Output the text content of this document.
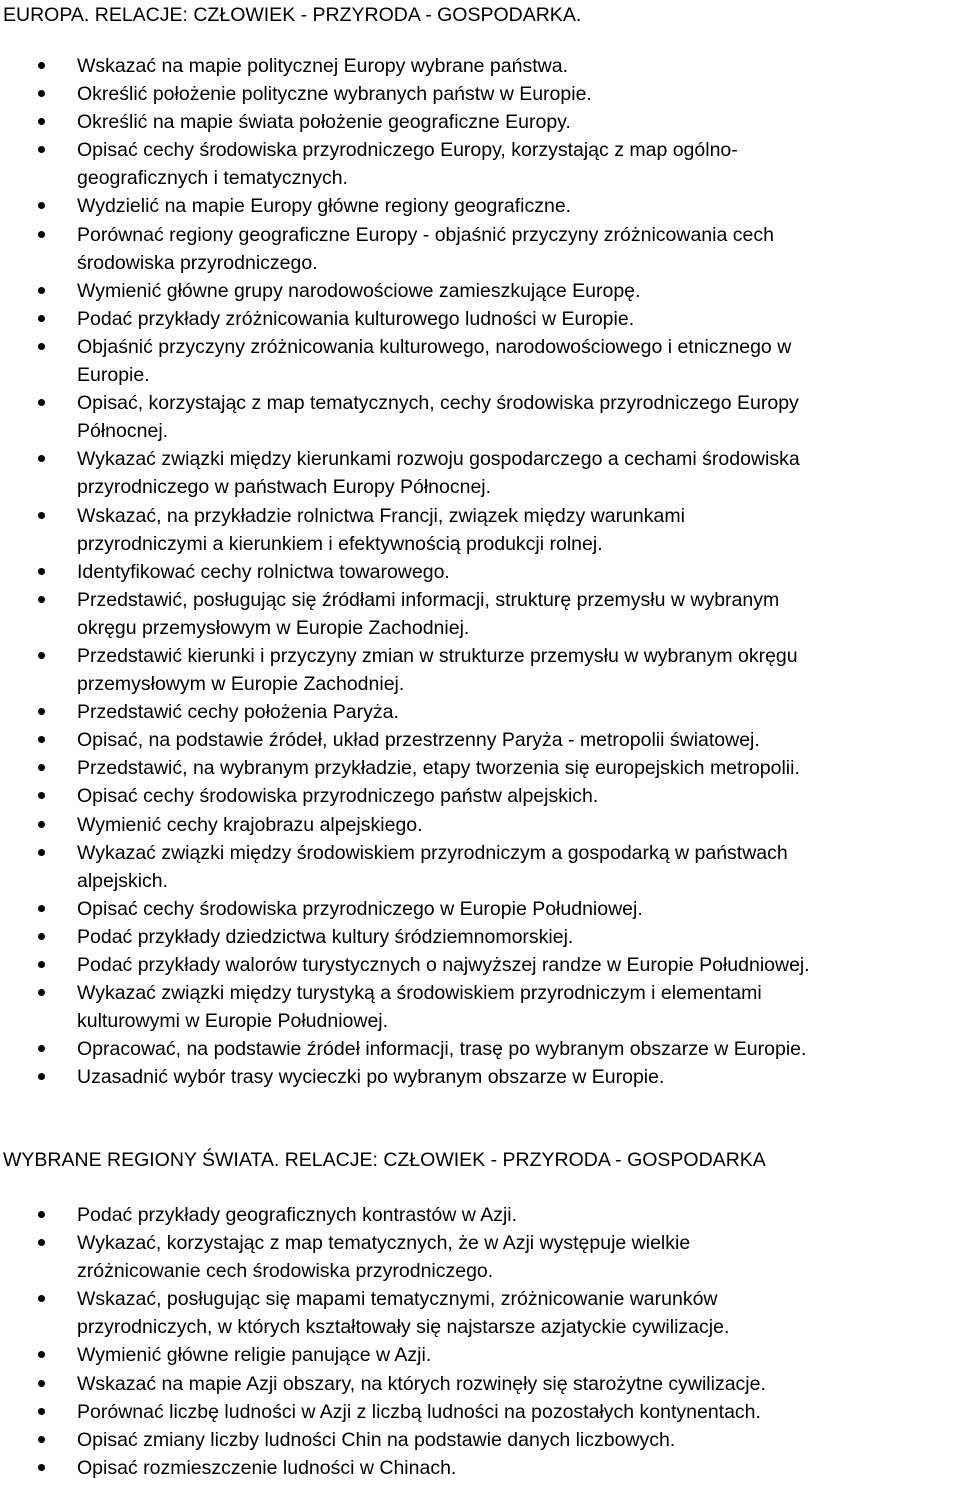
EUROPA. RELACJE: CZŁOWIEK - PRZYRODA - GOSPODARKA.
Wskazać na mapie politycznej Europy wybrane państwa.
Określić położenie polityczne wybranych państw w Europie.
Określić na mapie świata położenie geograficzne Europy.
Opisać cechy środowiska przyrodniczego Europy, korzystając z map ogólno-
geograficznych i tematycznych.
Wydzielić na mapie Europy główne regiony geograficzne.
Porównać regiony geograficzne Europy - objaśnić przyczyny zróżnicowania cech
środowiska przyrodniczego.
Wymienić główne grupy narodowościowe zamieszkujące Europę.
Podać przykłady zróżnicowania kulturowego ludności w Europie.
Objaśnić przyczyny zróżnicowania kulturowego, narodowościowego i etnicznego w
Europie.
Opisać, korzystając z map tematycznych, cechy środowiska przyrodniczego Europy
Północnej.
Wykazać związki między kierunkami rozwoju gospodarczego a cechami środowiska
przyrodniczego w państwach Europy Północnej.
Wskazać, na przykładzie rolnictwa Francji, związek między warunkami
przyrodniczymi a kierunkiem i efektywnością produkcji rolnej.
Identyfikować cechy rolnictwa towarowego.
Przedstawić, posługując się źródłami informacji, strukturę przemysłu w wybranym
okręgu przemysłowym w Europie Zachodniej.
Przedstawić kierunki i przyczyny zmian w strukturze przemysłu w wybranym okręgu
przemysłowym w Europie Zachodniej.
Przedstawić cechy położenia Paryża.
Opisać, na podstawie źródeł, układ przestrzenny Paryża - metropolii światowej.
Przedstawić, na wybranym przykładzie, etapy tworzenia się europejskich metropolii.
Opisać cechy środowiska przyrodniczego państw alpejskich.
Wymienić cechy krajobrazu alpejskiego.
Wykazać związki między środowiskiem przyrodniczym a gospodarką w państwach
alpejskich.
Opisać cechy środowiska przyrodniczego w Europie Południowej.
Podać przykłady dziedzictwa kultury śródziemnomorskiej.
Podać przykłady walorów turystycznych o najwyższej randze w Europie Południowej.
Wykazać związki między turystyką a środowiskiem przyrodniczym i elementami
kulturowymi w Europie Południowej.
Opracować, na podstawie źródeł informacji, trasę po wybranym obszarze w Europie.
Uzasadnić wybór trasy wycieczki po wybranym obszarze w Europie.
WYBRANE REGIONY ŚWIATA. RELACJE: CZŁOWIEK - PRZYRODA - GOSPODARKA
Podać przykłady geograficznych kontrastów w Azji.
Wykazać, korzystając z map tematycznych, że w Azji występuje wielkie
zróżnicowanie cech środowiska przyrodniczego.
Wskazać, posługując się mapami tematycznymi, zróżnicowanie warunków
przyrodniczych, w których kształtowały się najstarsze azjatyckie cywilizacje.
Wymienić główne religie panujące w Azji.
Wskazać na mapie Azji obszary, na których rozwinęły się starożytne cywilizacje.
Porównać liczbę ludności w Azji z liczbą ludności na pozostałych kontynentach.
Opisać zmiany liczby ludności Chin na podstawie danych liczbowych.
Opisać rozmieszczenie ludności w Chinach.
